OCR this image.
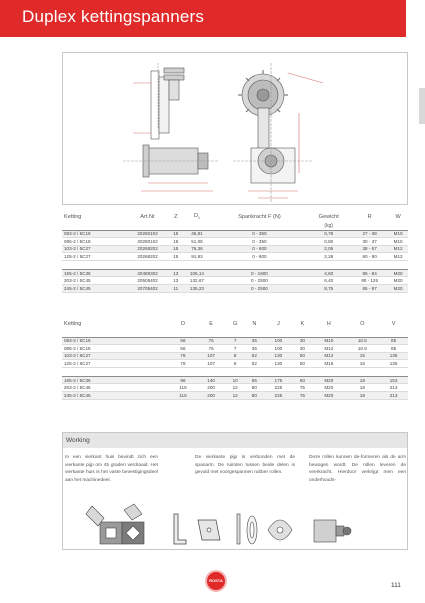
Duplex kettingspanners
Ketting	Art.Nr	Z	$D_1$	Spankracht F (N)	Gewicht	R	W
					(kg)		
083-2 / 5C16	20280102	15	45,81	0 - 350	0,76	27 - 38	M10
085-2 / 5C18	20280102	16	51,08	0 - 350	0,80	30 - 37	M10
103-2 / 5C27	20268202	15	76,36	0 - 600	2,05	38 - 67	M12
125-2 / 5C27	20268202	15	91,93	0 - 600	2,28	60 - 90	M12

165-2 / 5C36	20489302	13	106,14	0 - 1600	4,60	85 - 84	M20
203-2 / 5C45	20505402	13	132,67	0 - 2500	6,40	90 - 125	M20
245-2 / 5C45	20705402	11	135,23	0 - 2500	8,75	85 - 97	M20
Ketting	D	E	G	N	J	K	H	O	V

083-2 / 5C16	56	75	7	35	100	30	M10	10.5	85
085-2 / 5C18	56	75	7	35	100	30	M12	10.5	85
103-2 / 5C27	76	107	8	52	130	50	M12	15	135
125-2 / 5C27	76	107	8	52	130	50	M16	16	135

165-2 / 5C36	96	140	10	65	175	60	M20	18	153
203-2 / 5C45	115	200	12	80	225	75	M20	18	213
245-2 / 5C45	115	200	12	80	225	75	M20	18	213
Working
In een vierkant huis bevindt zich een vierkante pijp om 45 graden verdraaid. Het vierkante huis is het vaste bevestigingsdeel aan het machinedeel.
De vierkante pijp is verbonden met de spanarm. De ruimten tussen beide delen is gevuld met voorgespannen rubber rollen.
Deze rollen kunnen de-formeren als de arm bewogen wordt. De rollen leveren de veerkracht. Hierdoor verkrijgt men een onderhouds-
ROSTA
111
